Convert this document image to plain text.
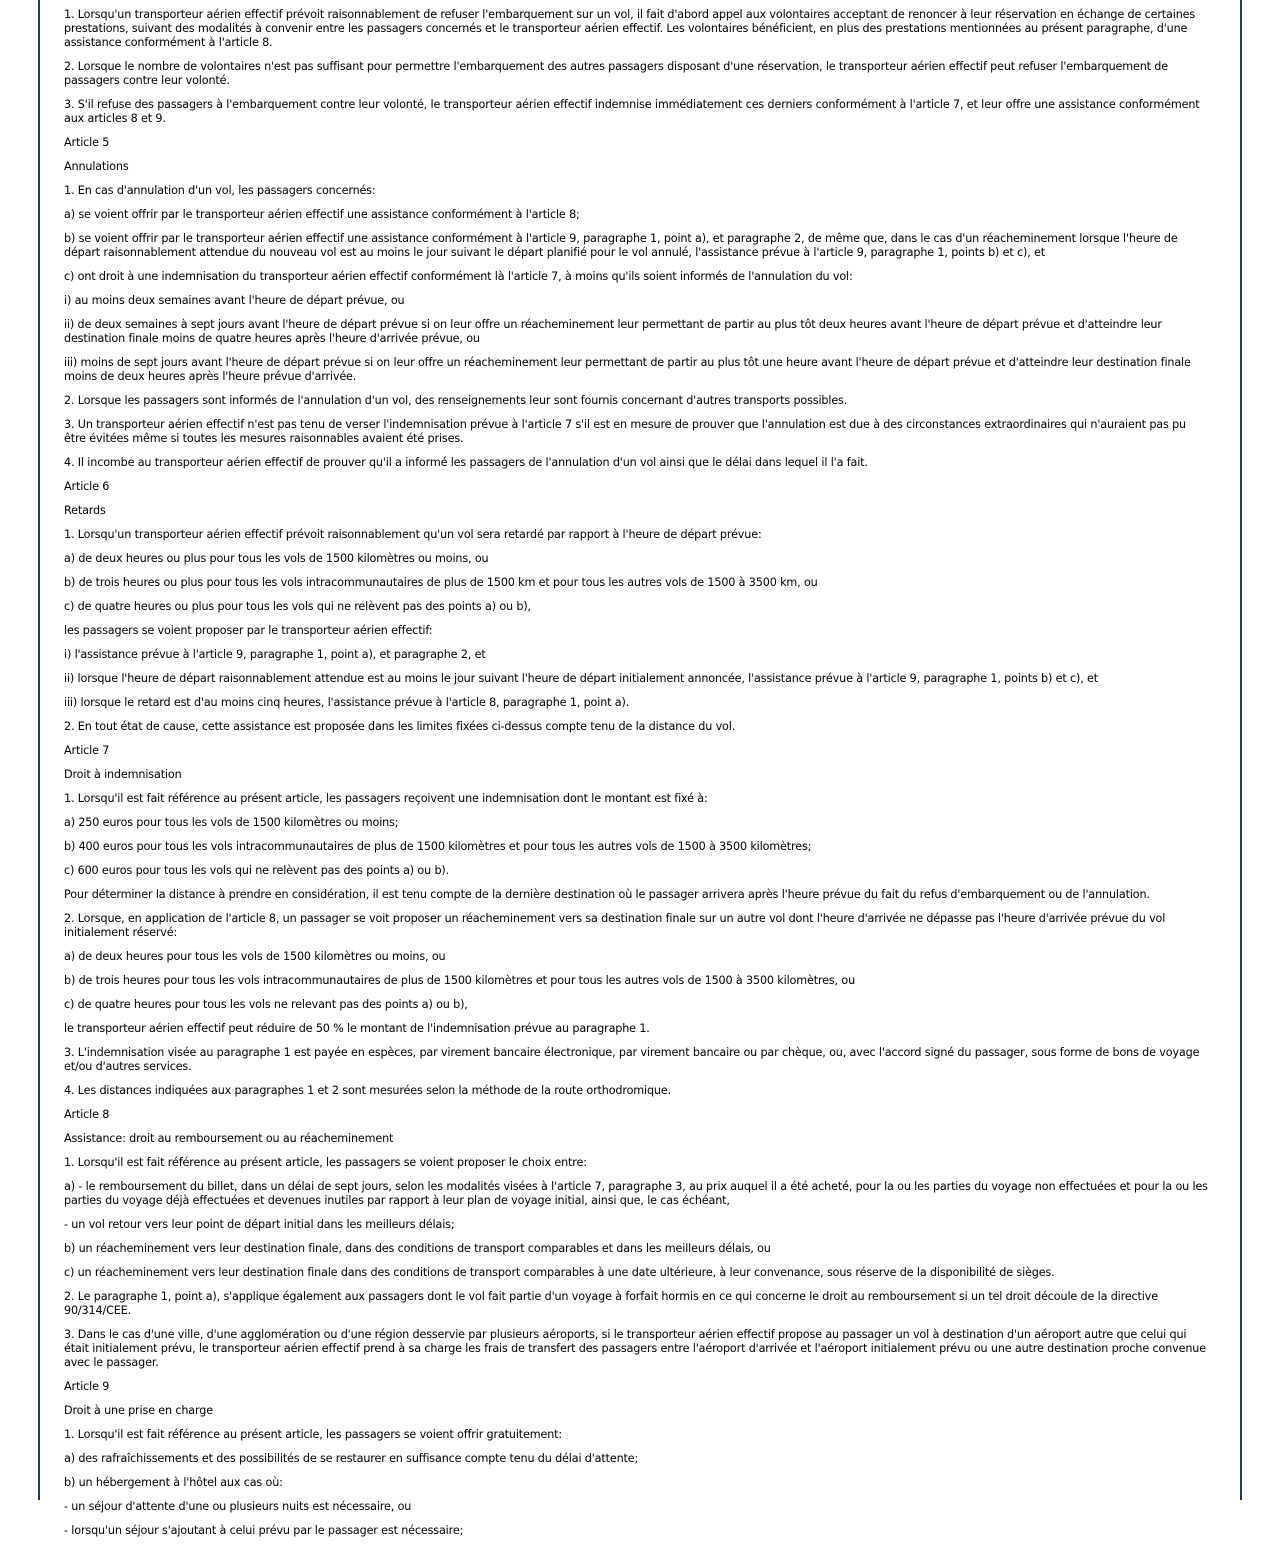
1. Lorsqu'un transporteur aérien effectif prévoit raisonnablement de refuser l'embarquement sur un vol, il fait d'abord appel aux volontaires acceptant de renoncer à leur réservation en échange de certaines prestations, suivant des modalités à convenir entre les passagers concernés et le transporteur aérien effectif. Les volontaires bénéficient, en plus des prestations mentionnées au présent paragraphe, d'une assistance conformément à l'article 8.

2. Lorsque le nombre de volontaires n'est pas suffisant pour permettre l'embarquement des autres passagers disposant d'une réservation, le transporteur aérien effectif peut refuser l'embarquement de passagers contre leur volonté.

3. S'il refuse des passagers à l'embarquement contre leur volonté, le transporteur aérien effectif indemnise immédiatement ces derniers conformément à l'article 7, et leur offre une assistance conformément aux articles 8 et 9.

Article 5

Annulations

1. En cas d'annulation d'un vol, les passagers concernés:

a) se voient offrir par le transporteur aérien effectif une assistance conformément à l'article 8;

b) se voient offrir par le transporteur aérien effectif une assistance conformément à l'article 9, paragraphe 1, point a), et paragraphe 2, de même que, dans le cas d'un réacheminement lorsque l'heure de départ raisonnablement attendue du nouveau vol est au moins le jour suivant le départ planifié pour le vol annulé, l'assistance prévue à l'article 9, paragraphe 1, points b) et c), et

c) ont droit à une indemnisation du transporteur aérien effectif conformément là l'article 7, à moins qu'ils soient informés de l'annulation du vol:

i) au moins deux semaines avant l'heure de départ prévue, ou

ii) de deux semaines à sept jours avant l'heure de départ prévue si on leur offre un réacheminement leur permettant de partir au plus tôt deux heures avant l'heure de départ prévue et d'atteindre leur destination finale moins de quatre heures après l'heure d'arrivée prévue, ou

iii) moins de sept jours avant l'heure de départ prévue si on leur offre un réacheminement leur permettant de partir au plus tôt une heure avant l'heure de départ prévue et d'atteindre leur destination finale moins de deux heures après l'heure prévue d'arrivée.

2. Lorsque les passagers sont informés de l'annulation d'un vol, des renseignements leur sont fournis concernant d'autres transports possibles.

3. Un transporteur aérien effectif n'est pas tenu de verser l'indemnisation prévue à l'article 7 s'il est en mesure de prouver que l'annulation est due à des circonstances extraordinaires qui n'auraient pas pu être évitées même si toutes les mesures raisonnables avaient été prises.

4. Il incombe au transporteur aérien effectif de prouver qu'il a informé les passagers de l'annulation d'un vol ainsi que le délai dans lequel il l'a fait.

Article 6

Retards

1. Lorsqu'un transporteur aérien effectif prévoit raisonnablement qu'un vol sera retardé par rapport à l'heure de départ prévue:

a) de deux heures ou plus pour tous les vols de 1500 kilomètres ou moins, ou

b) de trois heures ou plus pour tous les vols intracommunautaires de plus de 1500 km et pour tous les autres vols de 1500 à 3500 km, ou

c) de quatre heures ou plus pour tous les vols qui ne relèvent pas des points a) ou b),

les passagers se voient proposer par le transporteur aérien effectif:

i) l'assistance prévue à l'article 9, paragraphe 1, point a), et paragraphe 2, et

ii) lorsque l'heure de départ raisonnablement attendue est au moins le jour suivant l'heure de départ initialement annoncée, l'assistance prévue à l'article 9, paragraphe 1, points b) et c), et

iii) lorsque le retard est d'au moins cinq heures, l'assistance prévue à l'article 8, paragraphe 1, point a).

2. En tout état de cause, cette assistance est proposée dans les limites fixées ci-dessus compte tenu de la distance du vol.

Article 7

Droit à indemnisation

1. Lorsqu'il est fait référence au présent article, les passagers reçoivent une indemnisation dont le montant est fixé à:

a) 250 euros pour tous les vols de 1500 kilomètres ou moins;

b) 400 euros pour tous les vols intracommunautaires de plus de 1500 kilomètres et pour tous les autres vols de 1500 à 3500 kilomètres;

c) 600 euros pour tous les vols qui ne relèvent pas des points a) ou b).

Pour déterminer la distance à prendre en considération, il est tenu compte de la dernière destination où le passager arrivera après l'heure prévue du fait du refus d'embarquement ou de l'annulation.

2. Lorsque, en application de l'article 8, un passager se voit proposer un réacheminement vers sa destination finale sur un autre vol dont l'heure d'arrivée ne dépasse pas l'heure d'arrivée prévue du vol initialement réservé:

a) de deux heures pour tous les vols de 1500 kilomètres ou moins, ou

b) de trois heures pour tous les vols intracommunautaires de plus de 1500 kilomètres et pour tous les autres vols de 1500 à 3500 kilomètres, ou

c) de quatre heures pour tous les vols ne relevant pas des points a) ou b),

le transporteur aérien effectif peut réduire de 50 % le montant de l'indemnisation prévue au paragraphe 1.

3. L'indemnisation visée au paragraphe 1 est payée en espèces, par virement bancaire électronique, par virement bancaire ou par chèque, ou, avec l'accord signé du passager, sous forme de bons de voyage et/ou d'autres services.

4. Les distances indiquées aux paragraphes 1 et 2 sont mesurées selon la méthode de la route orthodromique.

Article 8

Assistance: droit au remboursement ou au réacheminement

1. Lorsqu'il est fait référence au présent article, les passagers se voient proposer le choix entre:

a) - le remboursement du billet, dans un délai de sept jours, selon les modalités visées à l'article 7, paragraphe 3, au prix auquel il a été acheté, pour la ou les parties du voyage non effectuées et pour la ou les parties du voyage déjà effectuées et devenues inutiles par rapport à leur plan de voyage initial, ainsi que, le cas échéant,

- un vol retour vers leur point de départ initial dans les meilleurs délais;

b) un réacheminement vers leur destination finale, dans des conditions de transport comparables et dans les meilleurs délais, ou

c) un réacheminement vers leur destination finale dans des conditions de transport comparables à une date ultérieure, à leur convenance, sous réserve de la disponibilité de sièges.

2. Le paragraphe 1, point a), s'applique également aux passagers dont le vol fait partie d'un voyage à forfait hormis en ce qui concerne le droit au remboursement si un tel droit découle de la directive 90/314/CEE.

3. Dans le cas d'une ville, d'une agglomération ou d'une région desservie par plusieurs aéroports, si le transporteur aérien effectif propose au passager un vol à destination d'un aéroport autre que celui qui était initialement prévu, le transporteur aérien effectif prend à sa charge les frais de transfert des passagers entre l'aéroport d'arrivée et l'aéroport initialement prévu ou une autre destination proche convenue avec le passager.

Article 9

Droit à une prise en charge

1. Lorsqu'il est fait référence au présent article, les passagers se voient offrir gratuitement:

a) des rafraîchissements et des possibilités de se restaurer en suffisance compte tenu du délai d'attente;

b) un hébergement à l'hôtel aux cas où:

- un séjour d'attente d'une ou plusieurs nuits est nécessaire, ou

- lorsqu'un séjour s'ajoutant à celui prévu par le passager est nécessaire;
